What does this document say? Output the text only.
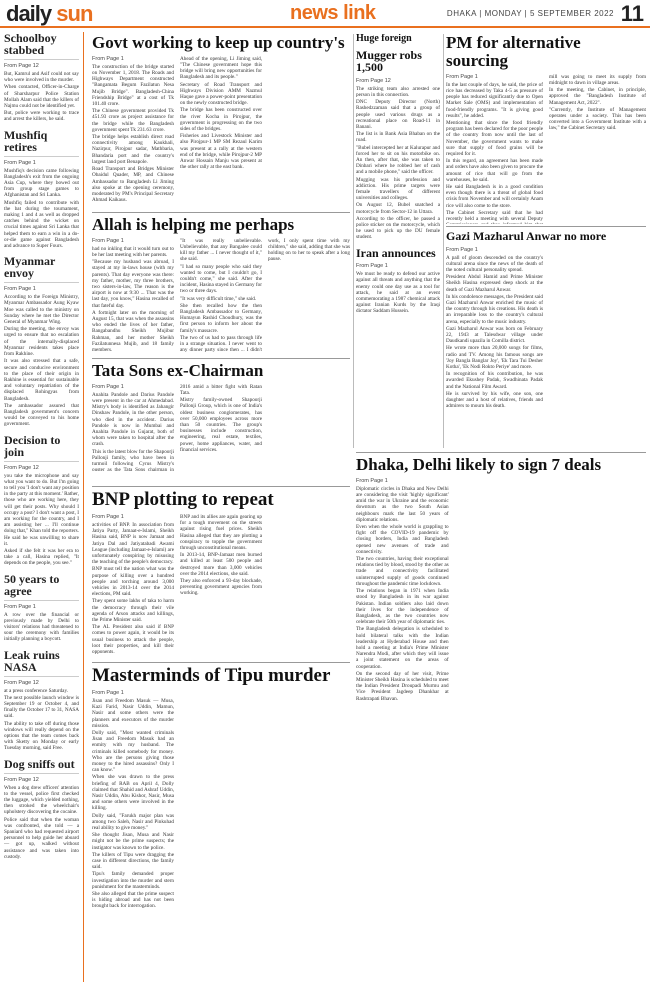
daily sun	news link	DHAKA | MONDAY | 5 SEPTEMBER 2022 11
Schoolboy stabbed
From Page 12

But, Kamrul and Asif could not say who were involved in the murder.

When contacted, Officer-in-Charge of Sharsharpur Police Station Mollah Alam said that the killers of Najmu could not be identified yet.

But, police were working to trace and arrest the killers, he said.

Mushfiq retires
From Page 1

Mushfiq's decision came following Bangladesh's exit from the ongoing Asia Cup, where they bowed out from group stage games to Afghanistan and Sri Lanka.

Mushfiq failed to contribute with the bat during the tournament, making 1 and 4 as well as dropped catches behind the wicket on crucial times against Sri Lanka that helped them to earn a win in a do-or-die game against Bangladesh and advance to Super Fours.

Myanmar envoy
From Page 1

According to the Foreign Ministry, Myanmar Ambassador Aung Kyaw Moe was called to the ministry on Sunday where he met the Director General of Myanmar Wing.

During the meeting, the envoy was urged to ensure that no escalation of the internally-displaced Myanmar residents takes place from Rakhine.

It was also stressed that a safe, secure and conducive environment to the place of their origin in Rakhine is essential for sustainable and voluntary repatriation of the displaced Rohingyas from Bangladesh.

The ambassador assured that Bangladesh government's concern would be conveyed to his home government.

Decision to join
From Page 12

you take the microphone and say what you want to do. But I'm going to tell you 'I don't want any position in the party at this moment.' Rather, those who are working here, they will get their posts. Why should I occupy a post? I don't want a post, I am working for the country, and I am assisting her ... I'll continue doing that," Khan told the reporters. He said he was unwilling to share it.

Asked if she felt it was her era to take a call, Hasina replied, "It depends on the people, you see."

50 years to agree
From Page 1

A row over the financial or previously made by Delhi to visitors' relations had threatened to sour the ceremony with families initially planning a boycott.

Leak ruins NASA
From Page 12

at a press conference Saturday.

The next possible launch window is September 19 or October 4, and finally the October 17 to 31, NASA said.

The ability to take off during those windows will really depend on the options that the team comes back with Sketty on Monday or early Tuesday morning, said Free.

Dog sniffs out
From Page 12

When a dog drew officers' attention to the vessel, police first checked the luggage, which yielded nothing, then stroked the wheelchair's upholstery discovering the cocaine.

Police said that when the woman was confronted, she told — a Spaniard who had requested airport personnel to help guide her aboard — got up, walked without assistance and was taken into custody.

Govt working to keep up country's
From Page 1

The construction of the bridge started on November 1, 2018. The Roads and Highways Department constructed "Bangamata Begum Fazilatun Nesa Mujib Bridge". Bangladesh-China Friendship Bridge" at a cost of Tk 101.40 crore.

The Chinese government provided Tk 451.93 crore as project assistance for the bridge while the Bangladesh government spent Tk 231.63 crore.

The bridge helps establish direct road connectivity among Kaukhali, Nazirpur, Pirojpur sadar, Mathbaria, Bhandaria port and the country's largest land port Benapole.

Road Transport and Bridges Minister Obaidul Quader, MP, and Chinese Ambassador to Bangladesh Li Jiming also spoke at the opening ceremony, moderated by PM's Principal Secretary Ahmad Kaikaus.

Ahead of the opening, Li Jiming said, "The Chinese government hope this bridge will bring new opportunities for Bangladesh and its people."

Secretary of Road Transport and Highways Division AMM Nazmul Haque gave a power-point presentation on the newly constructed bridge.

The bridge has been constructed over the river Kocha in Pirojpur, the government is progressing on the two sides of the bridges.

Fisheries and Livestock Minister and also Pirojpur-1 MP SM Rezaul Karim was present at a rally at the western end of the bridge, while Pirojpur-2 MP Anwar Hossain Manju was present at the other rally at the east bank.

Huge foreign
Mugger robs 1,500
From Page 12

The striking team also arrested one person in this connection.

DNC Deputy Director (North) Rashedzzaman said that a group of people used various drugs as a recreational place on Road-11 in Banani.

The list is in Bank Asia Bhaban on the road.

"Bubel intercepted her at Kalurapur and forced her to sit on his motorbike on. An then, after that, she was taken to Dinbari where he robbed her of cash and a mobile phone," said the officer.

Mugging was his profession and addiction. His prime targets were female travellers of different universities and colleges.

On August 12, Bubel snatched a motorcycle from Sector-12 in Uttara.

According to the officer, he passed a police sticker on the motorcycle, which he used to pick up the DU female student.

Iran announces
From Page 1

We must be ready to defend our active against all threats and anything that the enemy could one day use as a tool for attack, he said at an event commemorating a 1987 chemical attack against Iranian Kurds by the Iraqi dictator Saddam Hussein.

PM for alternative sourcing
From Page 1

In the last couple of days, he said, the price of rice has decreased by Taka 4-5 as pressure of people has reduced significantly due to Open Market Sale (OMS) and implementation of food-friendly programs. "It is giving good results", he added.

Mentioning that since the food friendly program has been declared for the poor people of the country from now until the last of November, the government wants to make sure that supply of food grains will be required for it.

In this regard, an agreement has been made and orders have also been given to procure the amount of rice that will go from the warehouses, he said.

He said Bangladesh is in a good condition even though there is a threat of global food crisis from November and will certainly Anam rice will also come to the store.

The Cabinet Secretary said that he had recently held a meeting with several Deputy mill was going to meet its supply from midnight to dawn in village areas.

In the meeting, the Cabinet, in principle, approved the "Bangladesh Institute of Management Act, 2022".

"Currently, the Institute of Management operates under a society. This has been converted into a Government Institute with a law," the Cabinet Secretary said.

Allah is helping me perhaps
From Page 1

had no inkling that it would turn out to be her last meeting with her parents.

"Because my husband was abroad, I stayed at my in-laws house (with my parents). That day everyone was there: my father, mother, my three brothers, two sisters-in-law, The reason is the airport is now at 9:30 ... That was the last day, you know," Hasina recalled of that fateful day.

A fortnight later on the morning of August 15, that was when the assassins who ended the lives of her father, Bangabandhu Sheikh Mujibur Rahman, and her mother Sheikh Fazilatunnesa Mujib, and 18 family members.

"It was really unbelievable. Unbelievable, that any Bangalee could kill my father ... I never thought of it," she said.

"I had so many people who said they wanted to come, but I couldn't go, I couldn't come," she said. After the incident, Hasina stayed in Germany for two or three days.

"It was very difficult time," she said.

She then recalled how the then Bangladesh Ambassador to Germany, Humayun Rashid Choudhury, was the first person to inform her about the family's massacre.

The two of us had to pass through life in a strange situation. I never went to any dinner party since then ... I didn't work, I only spent time with my children," she said, adding that she was holding on to her to speak after a long pause.

Gazi Mazharul Anwar no more
From Page 1

A pall of gloom descended on the country's cultural arena since the news of the death of the noted cultural personality spread.

President Abdul Hamid and Prime Minister Sheikh Hasina expressed deep shock at the death of Gazi Mazharul Anwar.

In his condolence messages, the President said Gazi Mazharul Anwar enriched the music of the country through his creations. His death is an irreparable loss to the country's cultural arena, especially to the music industry.

Gazi Mazharul Anwar was born on February 22, 1943 at Talesdwar village under Daudkandi upazila in Comilla district.

He wrote more than 20,000 songs for films, radio and TV. Among his famous songs are 'Joy Bangla Banglar Joy', 'Ek Tara Tui Desher Kotha', 'Ek Nodi Rokto Periye' and more.

In recognition of his contribution, he was awarded Ekushey Padak, Swadhinata Padak and the National Film Award.

He is survived by his wife, one son, one daughter and a host of relatives, friends and admirers to mourn his death.

Tata Sons ex-Chairman
From Page 1

Anahita Pandole and Darius Pandole were present in the car at Ahmedabad. Mistry's body is identified as Jahangir Dinshaw Pandole, in the other person, who died in the accident. Darius Pandole is now in Mumbai and Anahita Pandole in Gujarat, both of whom were taken to hospital after the crash.

This is the latest blow for the Shapoorji Pallonji family, who have been in turmoil following Cyrus Mistry's ouster as the Tata Sons chairman in 2016 amid a bitter fight with Ratan Tata.

Mistry family-owned Shapoorji Pallonji Group, which is one of India's oldest business conglomerates, has over 50,000 employees across more than 50 countries. The group's businesses include construction, engineering, real estate, textiles, power, home appliances, water, and financial services.

Dhaka, Delhi likely to sign 7 deals
From Page 1

Diplomatic circles in Dhaka and New Delhi are considering the visit 'highly significant' amid the war in Ukraine and the economic downturn as the two South Asian neighbours mark the last 50 years of diplomatic relations.

Even when the whole world is grappling to fight off the COVID-19 pandemic by closing borders, India and Bangladesh opened new avenues of trade and connectivity.

The two countries, having their exceptional relations tied by blood, stood by the other as trade and connectivity facilitated uninterrupted supply of goods continued throughout the pandemic time lockdown.

The relations began in 1971 when India stood by Bangladesh in its war against Pakistan. Indian soldiers also laid down their lives for the independence of Bangladesh, as the two countries now celebrate their 50th year of diplomatic ties.

The Bangladesh delegation is scheduled to hold bilateral talks with the Indian leadership at Hyderabad House and then hold a meeting at India's Prime Minister Narendra Modi, after which they will issue a joint statement on the areas of cooperation.

On the second day of her visit, Prime Minister Sheikh Hasina is scheduled to meet the Indian President Droupadi Murmu and Vice President Jagdeep Dhankhar at Rashtrapati Bhavan.

BNP plotting to repeat
From Page 1

activities of BNP. In association from Jatiya Party, Jamaat-e-Islami, Sheikh Hasina said, BNP is now Jamaat and Jatiya Dal and Jatiyatabadi Awami League (including Jamaat-e-Islami) are unfortunately conspiring by misusing the teaching of the people's democracy.

BNP must tell the nation what was the purpose of killing over a hundred people and torching around 3,000 vehicles in 2013-14 over the 2014 elections, PM said.

They spent some lakhs of taka to harm the democracy through their vile agenda of Arson attacks and killings, the Prime Minister said.

The AL President also said if BNP comes to power again, it would be its usual business to attack the people, loot their properties, and kill their opponents.

BNP and its allies are again gearing up for a tough movement on the streets against rising fuel prices. Sheikh Hasina alleged that they are plotting a conspiracy to topple the government through unconstitutional means.

In 2013-14, BNP-Jamaat men burned and killed at least 500 people and destroyed more than 3,000 vehicles over the 2014 elections, she said.

They also enforced a 93-day blockade, preventing government agencies from working.

Masterminds of Tipu murder
From Page 1

Jisan and Freedom Masuk — Musa, Kazi Farid, Nasir Uddin, Mamun, Nasir and some others were the planners and executors of the murder mission.

Dolly said, "Most wanted criminals Jisan and Freedom Masuk had an enmity with my husband. The criminals killed somebody for money. Who are the persons giving those money to the hired assassins? Only I can know."

When she was drawn to the press briefing of RAB on April 4, Dolly claimed that Shahid and Ashraf Uddin, Nasir Uddin, Abu Kishor, Nasir, Musa and some others were involved in the killing.

Dolly said, "Farukh major plan was among two Saleh, Nasir and Pinkuhad real ability to give money."

She thought Jisan, Musa and Nasir might not be the prime suspects; the instigator was known to the police.

The killers of Tipu were dragging the case in different directions, the family said.

Tipu's family demanded proper investigation into the murder and stern punishment for the masterminds.

She also alleged that the prime suspect is hiding abroad and has not been brought back for interrogation.
